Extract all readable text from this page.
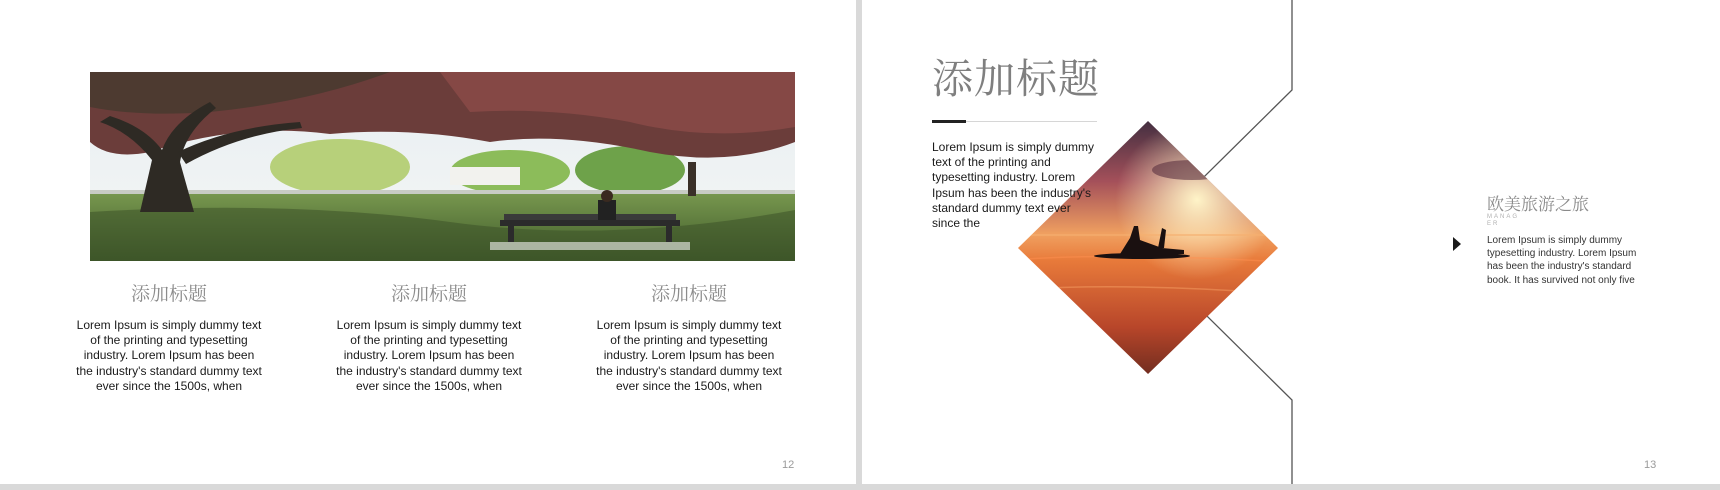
添加标题
Lorem Ipsum is simply dummy text of the printing and typesetting industry. Lorem Ipsum has been the industry's standard dummy text ever since the 1500s, when
添加标题
Lorem Ipsum is simply dummy text of the printing and typesetting industry. Lorem Ipsum has been the industry's standard dummy text ever since the 1500s, when
添加标题
Lorem Ipsum is simply dummy text of the printing and typesetting industry. Lorem Ipsum has been the industry's standard dummy text ever since the 1500s, when
12
添加标题
Lorem Ipsum is simply dummy text of the printing and typesetting industry. Lorem Ipsum has been the industry's standard dummy text ever since the
欧美旅游之旅
MANAGER
Lorem Ipsum is simply dummy typesetting industry. Lorem Ipsum has been the industry's standard book. It has survived not only five
13
